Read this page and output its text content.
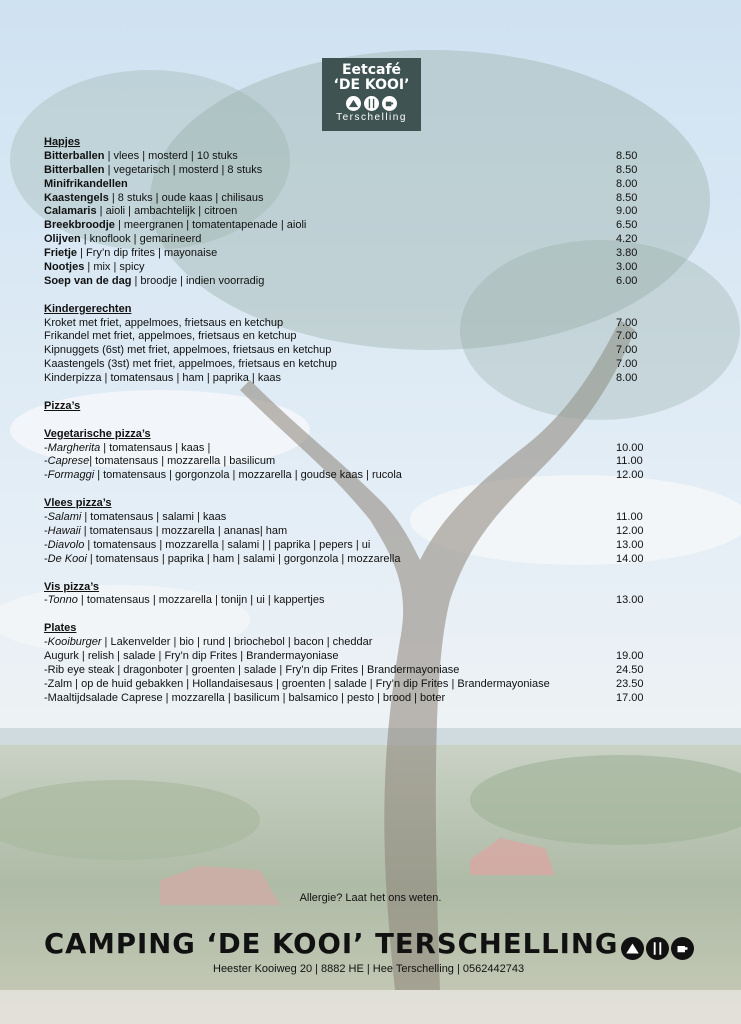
Eetcafé
‘DE KOOI’
Terschelling
Hapjes
Bitterballen | vlees | mosterd | 10 stuks	8.50
Bitterballen | vegetarisch | mosterd | 8 stuks	8.50
Minifrikandellen	8.00
Kaastengels | 8 stuks | oude kaas | chilisaus	8.50
Calamaris | aioli | ambachtelijk | citroen	9.00
Breekbroodje | meergranen | tomatentapenade | aioli	6.50
Olijven | knoflook | gemarineerd	4.20
Frietje | Fry’n dip frites | mayonaise	3.80
Nootjes | mix | spicy	3.00
Soep van de dag | broodje | indien voorradig	6.00
Kindergerechten
Kroket met friet, appelmoes, frietsaus en ketchup	7.00
Frikandel met friet, appelmoes, frietsaus en ketchup	7.00
Kipnuggets (6st) met friet, appelmoes, frietsaus en ketchup	7.00
Kaastengels (3st) met friet, appelmoes, frietsaus en ketchup	7.00
Kinderpizza | tomatensaus | ham | paprika | kaas	8.00
Pizza’s
Vegetarische pizza’s
-Margherita | tomatensaus | kaas |	10.00
-Caprese| tomatensaus | mozzarella | basilicum	11.00
-Formaggi | tomatensaus | gorgonzola | mozzarella | goudse kaas | rucola	12.00
Vlees pizza’s
-Salami | tomatensaus | salami | kaas	11.00
-Hawaii | tomatensaus | mozzarella | ananas| ham	12.00
-Diavolo | tomatensaus | mozzarella | salami | | paprika | pepers | ui	13.00
-De Kooi | tomatensaus | paprika | ham | salami | gorgonzola | mozzarella	14.00
Vis pizza’s
-Tonno | tomatensaus | mozzarella | tonijn | ui | kappertjes	13.00
Plates
-Kooiburger | Lakenvelder | bio | rund | briochebol | bacon | cheddar
Augurk | relish | salade | Fry’n dip Frites | Brandermayoniase	19.00
-Rib eye steak | dragonboter | groenten | salade | Fry’n dip Frites | Brandermayoniase	24.50
-Zalm | op de huid gebakken | Hollandaisesaus | groenten | salade | Fry’n dip Frites | Brandermayoniase	23.50
-Maaltijdsalade Caprese | mozzarella | basilicum | balsamico | pesto | brood | boter	17.00
Allergie? Laat het ons weten.
CAMPING ‘DE KOOI’ TERSCHELLING
Heester Kooiweg 20 | 8882 HE | Hee Terschelling | 0562442743
